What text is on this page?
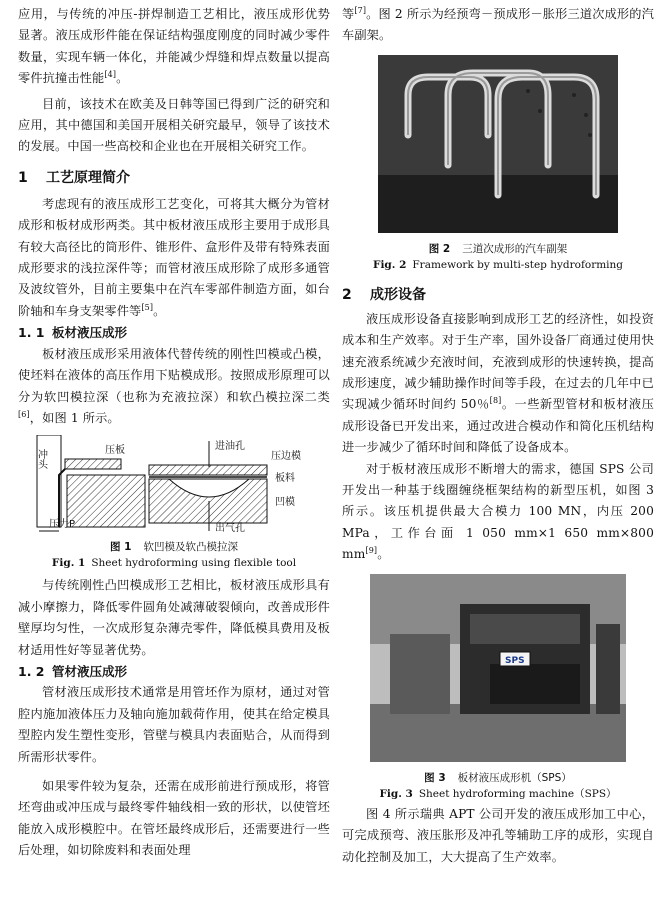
应用，与传统的冲压-拼焊制造工艺相比，液压成形优势显著。液压成形件能在保证结构强度刚度的同时减少零件数量，实现车辆一体化，并能减少焊缝和焊点数量以提高零件抗撞击性能[4]。

目前，该技术在欧美及日韩等国已得到广泛的研究和应用，其中德国和美国开展相关研究最早，领导了该技术的发展。中国一些高校和企业也在开展相关研究工作。

1 工艺原理简介

考虑现有的液压成形工艺变化，可将其大概分为管材成形和板材成形两类。其中板材液压成形主要用于成形具有较大高径比的筒形件、锥形件、盒形件及带有特殊表面成形要求的浅拉深件等；而管材液压成形除了成形多通管及波纹管外，目前主要集中在汽车零部件制造方面，如台阶轴和车身支架零件等[5]。

1. 1 板材液压成形

板材液压成形采用液体代替传统的刚性凹模或凸模，使坯料在液体的高压作用下贴模成形。按照成形原理可以分为软凹模拉深（也称为充液拉深）和软凸模拉深二类[6]，如图 1 所示。

冲头	压板
压力P
进油孔
压边模
板料
凹模
出气孔
图 1 软凹模及软凸模拉深
Fig. 1 Sheet hydroforming using flexible tool

与传统刚性凸凹模成形工艺相比，板材液压成形具有减小摩擦力，降低零件圆角处减薄破裂倾向，改善成形件壁厚均匀性，一次成形复杂薄壳零件，降低模具费用及板材适用性好等显著优势。

1. 2 管材液压成形

管材液压成形技术通常是用管坯作为原材，通过对管腔内施加液体压力及轴向施加载荷作用，使其在给定模具型腔内发生塑性变形，管壁与模具内表面贴合，从而得到所需形状零件。

如果零件较为复杂，还需在成形前进行预成形，将管坯弯曲或冲压成与最终零件轴线相一致的形状，以使管坯能放入成形模腔中。在管坯最终成形后，还需要进行一些后处理，如切除废料和表面处理

等[7]。图 2 所示为经预弯－预成形－胀形三道次成形的汽车副架。

图 2 三道次成形的汽车副架
Fig. 2 Framework by multi-step hydroforming
2 成形设备

液压成形设备直接影响到成形工艺的经济性，如投资成本和生产效率。对于生产率，国外设备厂商通过使用快速充液系统减少充液时间，充液到成形的快速转换，提高成形速度，减少辅助操作时间等手段，在过去的几年中已实现减少循环时间约 50％[8]。一些新型管材和板材液压成形设备已开发出来，通过改进合模动作和简化压机结构进一步减少了循环时间和降低了设备成本。

对于板材液压成形不断增大的需求，德国 SPS 公司开发出一种基于线圈缠绕框架结构的新型压机，如图 3 所示。该压机提供最大合模力 100 MN，内压 200 MPa，工作台面 1 050 mm×1 650 mm×800 mm[9]。

SPS
图 3 板材液压成形机（SPS）
Fig. 3 Sheet hydroforming machine（SPS）

图 4 所示瑞典 APT 公司开发的液压成形加工中心，可完成预弯、液压胀形及冲孔等辅助工序的成形，实现自动化控制及加工，大大提高了生产效率。
